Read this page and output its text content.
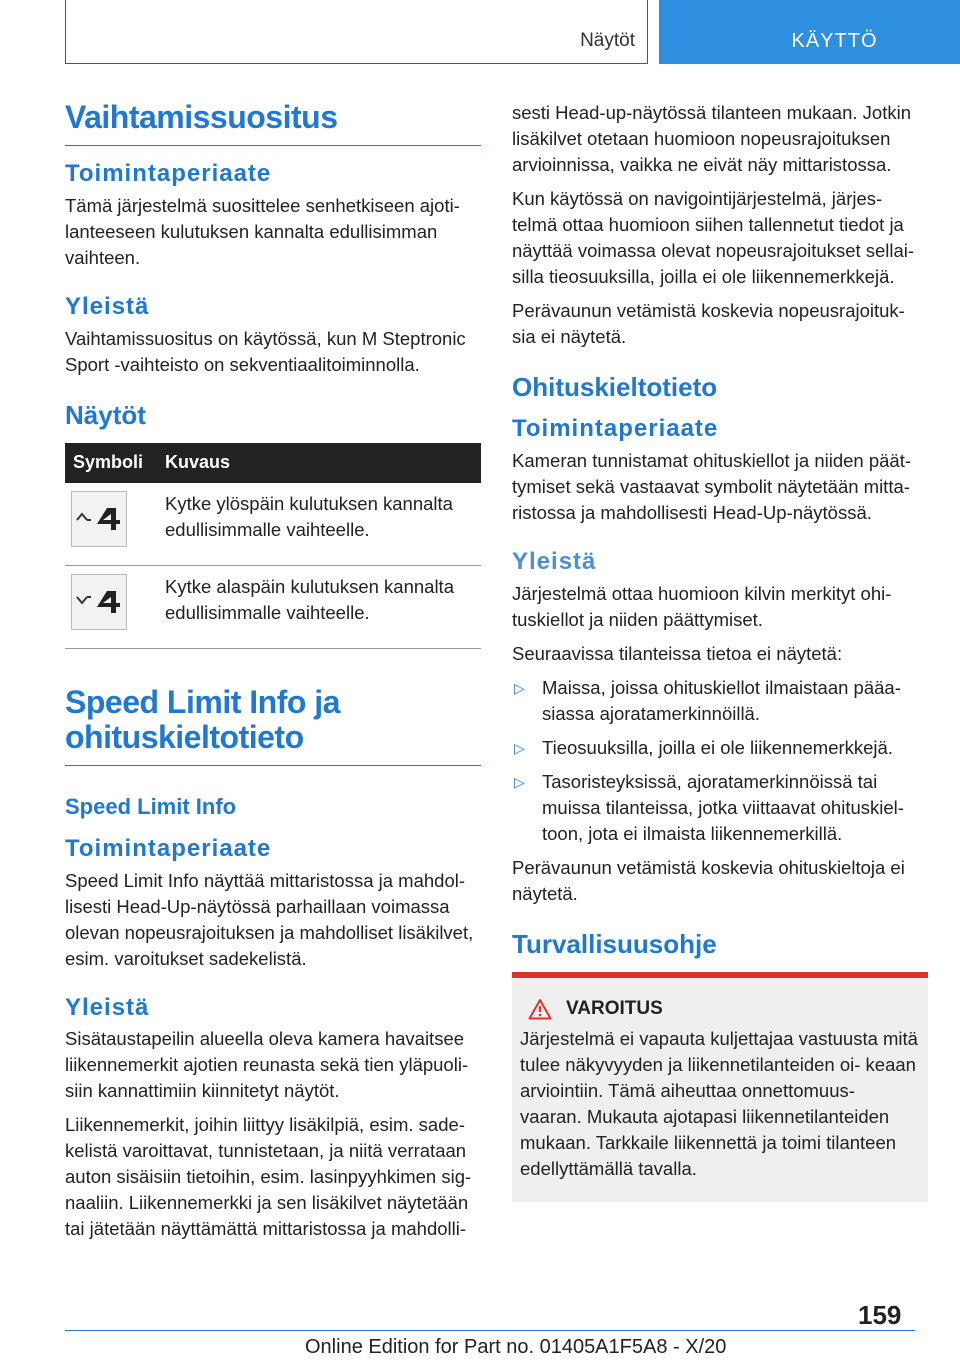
Näytöt	KÄYTTÖ
Vaihtamissuositus
Toimintaperiaate

Tämä järjestelmä suosittelee senhetkiseen ajoti- lanteeseen kulutuksen kannalta edullisimman vaihteen.

Yleistä

Vaihtamissuositus on käytössä, kun M Steptronic Sport -vaihteisto on sekventiaalitoiminnolla.

Näytöt
Symboli	Kuvaus

	Kytke ylöspäin kulutuksen kannalta edullisimmalle vaihteelle.

	Kytke alaspäin kulutuksen kannalta edullisimmalle vaihteelle.
Speed Limit Info ja ohituskieltotieto
Speed Limit Info
Toimintaperiaate

Speed Limit Info näyttää mittaristossa ja mahdol- lisesti Head-Up-näytössä parhaillaan voimassa olevan nopeusrajoituksen ja mahdolliset lisäkilvet, esim. varoitukset sadekelistä.

Yleistä

Sisätaustapeilin alueella oleva kamera havaitsee liikennemerkit ajotien reunasta sekä tien yläpuoli- siin kannattimiin kiinnitetyt näytöt.

Liikennemerkit, joihin liittyy lisäkilpiä, esim. sade- kelistä varoittavat, tunnistetaan, ja niitä verrataan auton sisäisiin tietoihin, esim. lasinpyyhkimen sig- naaliin. Liikennemerkki ja sen lisäkilvet näytetään tai jätetään näyttämättä mittaristossa ja mahdolli-

sesti Head-up-näytössä tilanteen mukaan. Jotkin lisäkilvet otetaan huomioon nopeusrajoituksen arvioinnissa, vaikka ne eivät näy mittaristossa.

Kun käytössä on navigointijärjestelmä, järjes- telmä ottaa huomioon siihen tallennetut tiedot ja näyttää voimassa olevat nopeusrajoitukset sellai- silla tieosuuksilla, joilla ei ole liikennemerkkejä.

Perävaunun vetämistä koskevia nopeusrajoituk- sia ei näytetä.

Ohituskieltotieto
Toimintaperiaate

Kameran tunnistamat ohituskiellot ja niiden päät- tymiset sekä vastaavat symbolit näytetään mitta- ristossa ja mahdollisesti Head-Up-näytössä.

Yleistä

Järjestelmä ottaa huomioon kilvin merkityt ohi- tuskiellot ja niiden päättymiset.

Seuraavissa tilanteissa tietoa ei näytetä:

▷ Maissa, joissa ohituskiellot ilmaistaan pääa- siassa ajoratamerkinnöillä.
▷ Tieosuuksilla, joilla ei ole liikennemerkkejä.
▷ Tasoristeyksissä, ajoratamerkinnöissä tai muissa tilanteissa, jotka viittaavat ohituskiel- toon, jota ei ilmaista liikennemerkillä.

Perävaunun vetämistä koskevia ohituskieltoja ei näytetä.

Turvallisuusohje
VAROITUS

Järjestelmä ei vapauta kuljettajaa vastuusta mitä tulee näkyvyyden ja liikennetilanteiden oi- keaan arviointiin. Tämä aiheuttaa onnettomuus- vaaran. Mukauta ajotapasi liikennetilanteiden mukaan. Tarkkaile liikennettä ja toimi tilanteen edellyttämällä tavalla.

159
Online Edition for Part no. 01405A1F5A8 - X/20
